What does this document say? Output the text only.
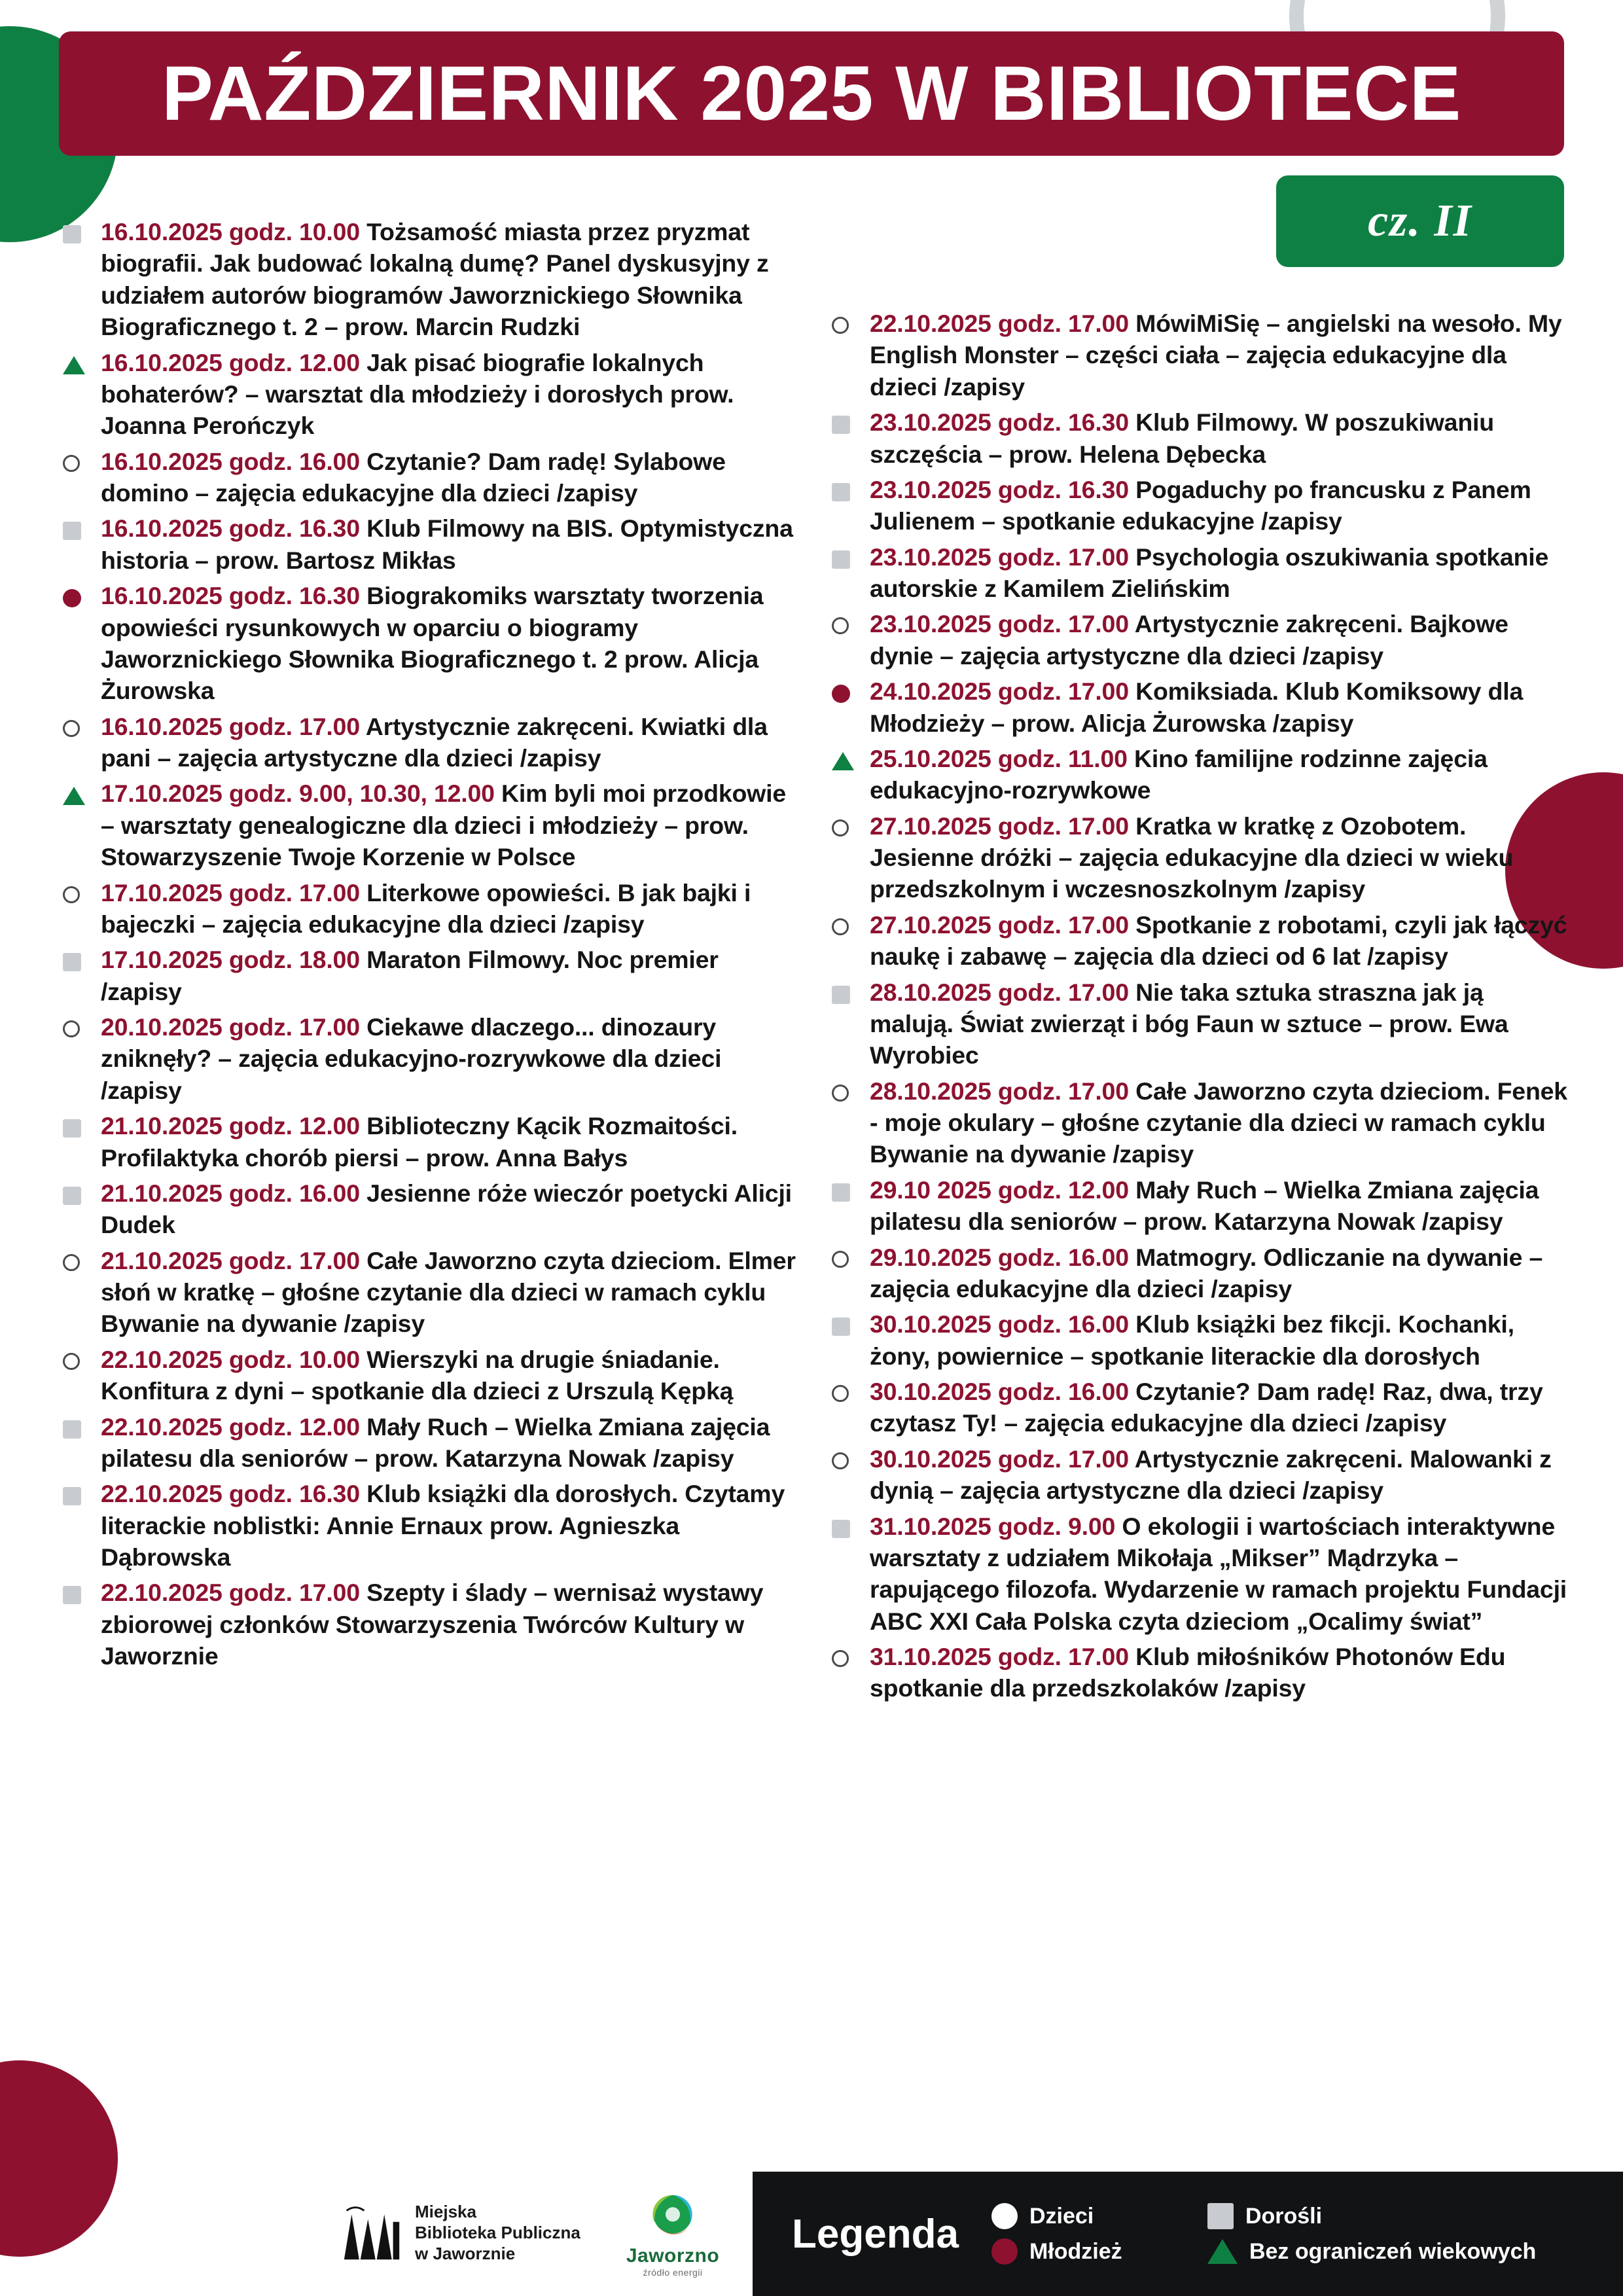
PAŹDZIERNIK 2025 W BIBLIOTECE
cz. II
16.10.2025 godz. 10.00 Tożsamość miasta przez pryzmat biografii. Jak budować lokalną dumę? Panel dyskusyjny z udziałem autorów biogramów Jaworznickiego Słownika Biograficznego t. 2 – prow. Marcin Rudzki
16.10.2025 godz. 12.00 Jak pisać biografie lokalnych bohaterów? – warsztat dla młodzieży i dorosłych prow. Joanna Perończyk
16.10.2025 godz. 16.00 Czytanie? Dam radę! Sylabowe domino – zajęcia edukacyjne dla dzieci /zapisy
16.10.2025 godz. 16.30 Klub Filmowy na BIS. Optymistyczna historia – prow. Bartosz Mikłas
16.10.2025 godz. 16.30 Biograkomiks warsztaty tworzenia opowieści rysunkowych w oparciu o biogramy Jaworznickiego Słownika Biograficznego t. 2 prow. Alicja Żurowska
16.10.2025 godz. 17.00 Artystycznie zakręceni. Kwiatki dla pani – zajęcia artystyczne dla dzieci /zapisy
17.10.2025 godz. 9.00, 10.30, 12.00 Kim byli moi przodkowie – warsztaty genealogiczne dla dzieci i młodzieży – prow. Stowarzyszenie Twoje Korzenie w Polsce
17.10.2025 godz. 17.00 Literkowe opowieści. B jak bajki i bajeczki – zajęcia edukacyjne dla dzieci /zapisy
17.10.2025 godz. 18.00 Maraton Filmowy. Noc premier /zapisy
20.10.2025 godz. 17.00 Ciekawe dlaczego... dinozaury zniknęły? – zajęcia edukacyjno-rozrywkowe dla dzieci /zapisy
21.10.2025 godz. 12.00 Biblioteczny Kącik Rozmaitości. Profilaktyka chorób piersi – prow. Anna Bałys
21.10.2025 godz. 16.00 Jesienne róże wieczór poetycki Alicji Dudek
21.10.2025 godz. 17.00 Całe Jaworzno czyta dzieciom. Elmer słoń w kratkę – głośne czytanie dla dzieci w ramach cyklu Bywanie na dywanie /zapisy
22.10.2025 godz. 10.00 Wierszyki na drugie śniadanie. Konfitura z dyni – spotkanie dla dzieci z Urszulą Kępką
22.10.2025 godz. 12.00 Mały Ruch – Wielka Zmiana zajęcia pilatesu dla seniorów – prow. Katarzyna Nowak /zapisy
22.10.2025 godz. 16.30 Klub książki dla dorosłych. Czytamy literackie noblistki: Annie Ernaux prow. Agnieszka Dąbrowska
22.10.2025 godz. 17.00 Szepty i ślady – wernisaż wystawy zbiorowej członków Stowarzyszenia Twórców Kultury w Jaworznie
22.10.2025 godz. 17.00 MówiMiSię – angielski na wesoło. My English Monster – części ciała – zajęcia edukacyjne dla dzieci /zapisy
23.10.2025 godz. 16.30 Klub Filmowy. W poszukiwaniu szczęścia – prow. Helena Dębecka
23.10.2025 godz. 16.30 Pogaduchy po francusku z Panem Julienem – spotkanie edukacyjne /zapisy
23.10.2025 godz. 17.00 Psychologia oszukiwania spotkanie autorskie z Kamilem Zielińskim
23.10.2025 godz. 17.00 Artystycznie zakręceni. Bajkowe dynie – zajęcia artystyczne dla dzieci /zapisy
24.10.2025 godz. 17.00 Komiksiada. Klub Komiksowy dla Młodzieży – prow. Alicja Żurowska /zapisy
25.10.2025 godz. 11.00 Kino familijne rodzinne zajęcia edukacyjno-rozrywkowe
27.10.2025 godz. 17.00 Kratka w kratkę z Ozobotem. Jesienne dróżki – zajęcia edukacyjne dla dzieci w wieku przedszkolnym i wczesnoszkolnym /zapisy
27.10.2025 godz. 17.00 Spotkanie z robotami, czyli jak łączyć naukę i zabawę – zajęcia dla dzieci od 6 lat /zapisy
28.10.2025 godz. 17.00 Nie taka sztuka straszna jak ją malują. Świat zwierząt i bóg Faun w sztuce – prow. Ewa Wyrobiec
28.10.2025 godz. 17.00 Całe Jaworzno czyta dzieciom. Fenek - moje okulary – głośne czytanie dla dzieci w ramach cyklu Bywanie na dywanie /zapisy
29.10 2025 godz. 12.00 Mały Ruch – Wielka Zmiana zajęcia pilatesu dla seniorów – prow. Katarzyna Nowak /zapisy
29.10.2025 godz. 16.00 Matmogry. Odliczanie na dywanie – zajęcia edukacyjne dla dzieci /zapisy
30.10.2025 godz. 16.00 Klub książki bez fikcji. Kochanki, żony, powiernice – spotkanie literackie dla dorosłych
30.10.2025 godz. 16.00 Czytanie? Dam radę! Raz, dwa, trzy czytasz Ty! – zajęcia edukacyjne dla dzieci /zapisy
30.10.2025 godz. 17.00 Artystycznie zakręceni. Malowanki z dynią – zajęcia artystyczne dla dzieci /zapisy
31.10.2025 godz. 9.00 O ekologii i wartościach interaktywne warsztaty z udziałem Mikołaja „Mikser” Mądrzyka – rapującego filozofa. Wydarzenie w ramach projektu Fundacji ABC XXI Cała Polska czyta dzieciom „Ocalimy świat”
31.10.2025 godz. 17.00 Klub miłośników Photonów Edu spotkanie dla przedszkolaków /zapisy
Miejska
Biblioteka Publiczna
w Jaworznie	Jaworzno
źródło energii
Legenda	Dzieci	Dorośli
Młodzież	Bez ograniczeń wiekowych
